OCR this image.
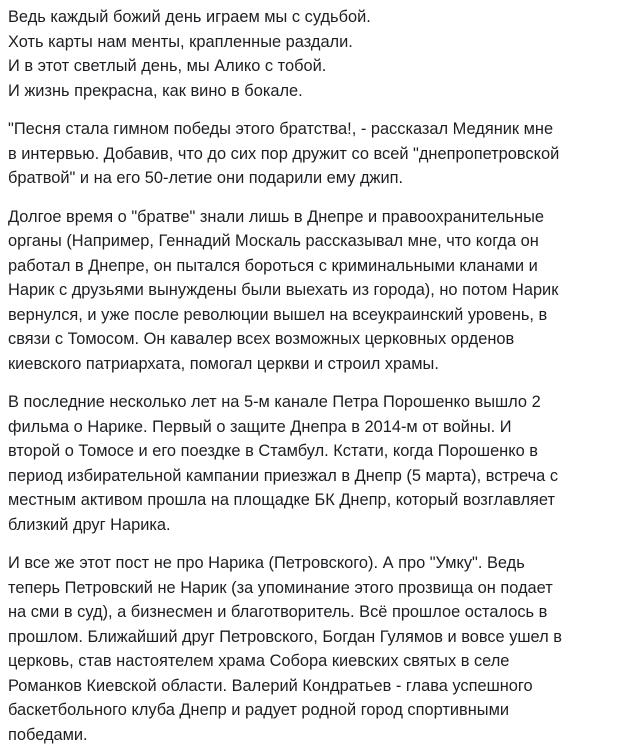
Ведь каждый божий день играем мы с судьбой.
Хоть карты нам менты, крапленные раздали.
И в этот светлый день, мы Алико с тобой.
И жизнь прекрасна, как вино в бокале.

"Песня стала гимном победы этого братства!, - рассказал Медяник мне
в интервью. Добавив, что до сих пор дружит со всей "днепропетровской
братвой" и на его 50-летие они подарили ему джип.

Долгое время о "братве" знали лишь в Днепре и правоохранительные
органы (Например, Геннадий Москаль рассказывал мне, что когда он
работал в Днепре, он пытался бороться с криминальными кланами и
Нарик с друзьями вынуждены были выехать из города), но потом Нарик
вернулся, и уже после революции вышел на всеукраинский уровень, в
связи с Томосом. Он кавалер всех возможных церковных орденов
киевского патриархата, помогал церкви и строил храмы.

В последние несколько лет на 5-м канале Петра Порошенко вышло 2
фильма о Нарике. Первый о защите Днепра в 2014-м от войны. И
второй о Томосе и его поездке в Стамбул. Кстати, когда Порошенко в
период избирательной кампании приезжал в Днепр (5 марта), встреча с
местным активом прошла на площадке БК Днепр, который возглавляет
близкий друг Нарика.

И все же этот пост не про Нарика (Петровского). А про "Умку". Ведь
теперь Петровский не Нарик (за упоминание этого прозвища он подает
на сми в суд), а бизнесмен и благотворитель. Всё прошлое осталось в
прошлом. Ближайший друг Петровского, Богдан Гулямов и вовсе ушел в
церковь, став настоятелем храма Собора киевских святых в селе
Романков Киевской области. Валерий Кондратьев - глава успешного
баскетбольного клуба Днепр и радует родной город спортивными
победами.
